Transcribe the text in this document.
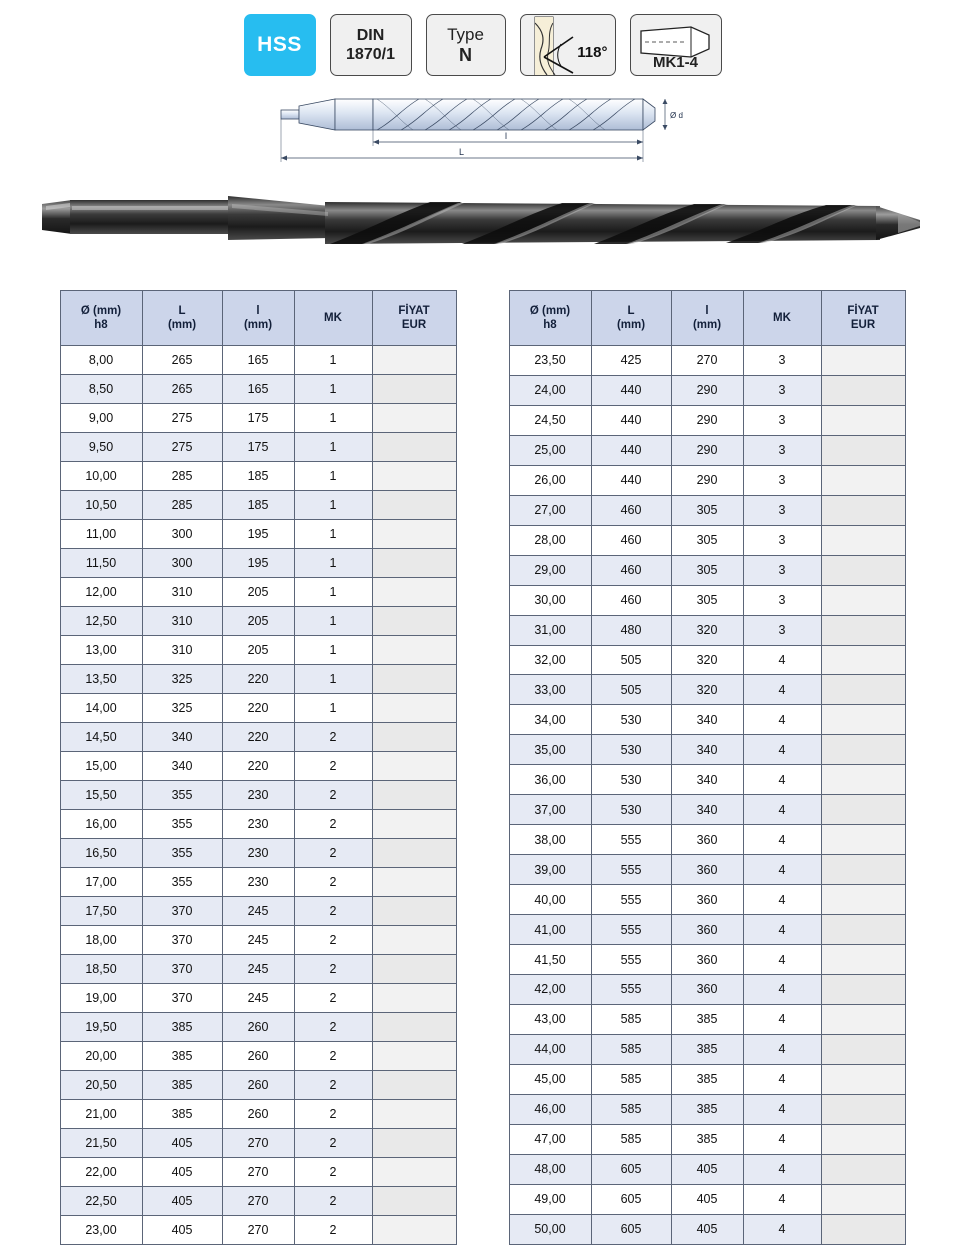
HSS	DIN
1870/1
Type
N	118°
MK1-4
Ø d
l
L
Ø (mm)
h8

L
(mm)

l
(mm)

MK

FİYAT
EUR

8,00	265	165	1	
8,50	265	165	1	
9,00	275	175	1	
9,50	275	175	1	
10,00	285	185	1	
10,50	285	185	1	
11,00	300	195	1	
11,50	300	195	1	
12,00	310	205	1	
12,50	310	205	1	
13,00	310	205	1	
13,50	325	220	1	
14,00	325	220	1	
14,50	340	220	2	
15,00	340	220	2	
15,50	355	230	2	
16,00	355	230	2	
16,50	355	230	2	
17,00	355	230	2	
17,50	370	245	2	
18,00	370	245	2	
18,50	370	245	2	
19,00	370	245	2	
19,50	385	260	2	
20,00	385	260	2	
20,50	385	260	2	
21,00	385	260	2	
21,50	405	270	2	
22,00	405	270	2	
22,50	405	270	2	
23,00	405	270	2	
Ø (mm)
h8

L
(mm)

l
(mm)

MK

FİYAT
EUR

23,50	425	270	3	
24,00	440	290	3	
24,50	440	290	3	
25,00	440	290	3	
26,00	440	290	3	
27,00	460	305	3	
28,00	460	305	3	
29,00	460	305	3	
30,00	460	305	3	
31,00	480	320	3	
32,00	505	320	4	
33,00	505	320	4	
34,00	530	340	4	
35,00	530	340	4	
36,00	530	340	4	
37,00	530	340	4	
38,00	555	360	4	
39,00	555	360	4	
40,00	555	360	4	
41,00	555	360	4	
41,50	555	360	4	
42,00	555	360	4	
43,00	585	385	4	
44,00	585	385	4	
45,00	585	385	4	
46,00	585	385	4	
47,00	585	385	4	
48,00	605	405	4	
49,00	605	405	4	
50,00	605	405	4	
